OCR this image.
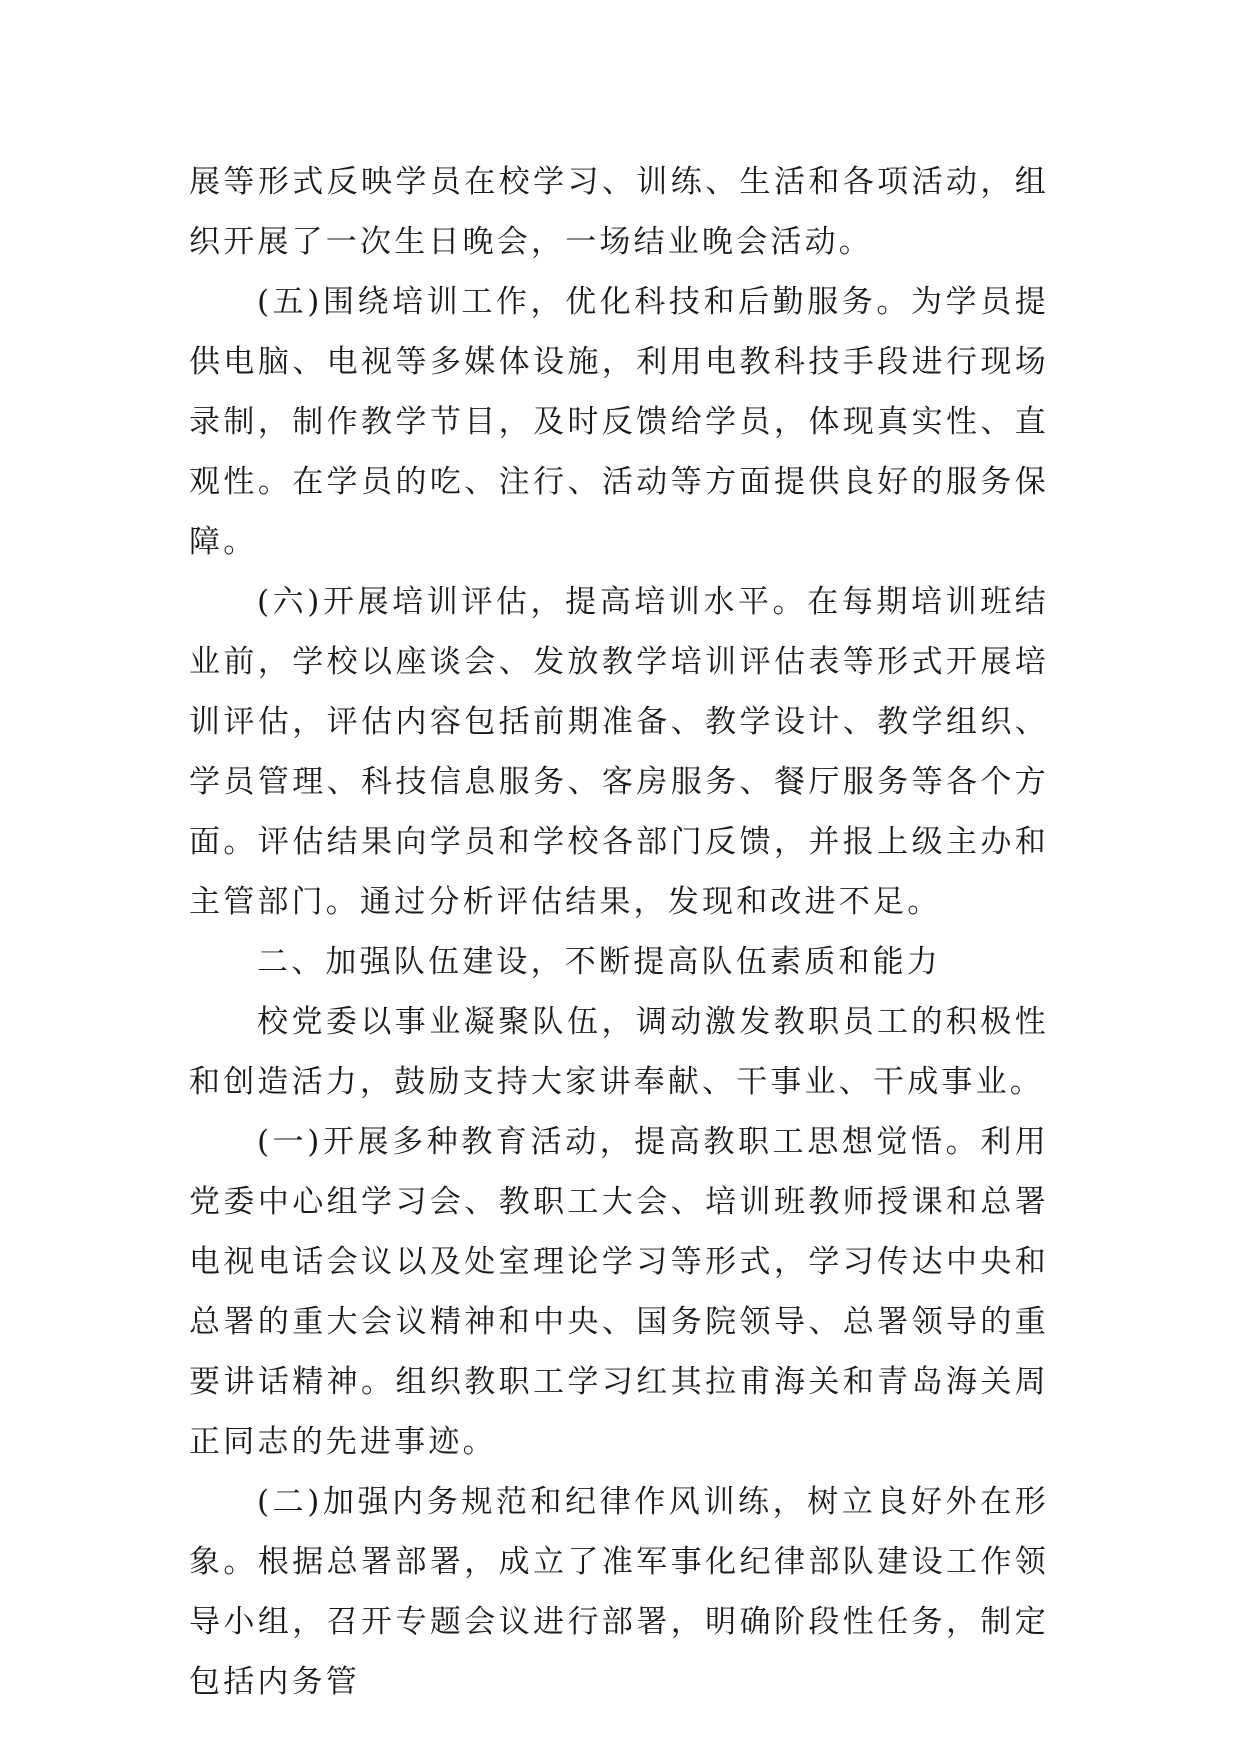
展等形式反映学员在校学习、训练、生活和各项活动，组织开展了一次生日晚会，一场结业晚会活动。

(五)围绕培训工作，优化科技和后勤服务。为学员提供电脑、电视等多媒体设施，利用电教科技手段进行现场录制，制作教学节目，及时反馈给学员，体现真实性、直观性。在学员的吃、注行、活动等方面提供良好的服务保障。

(六)开展培训评估，提高培训水平。在每期培训班结业前，学校以座谈会、发放教学培训评估表等形式开展培训评估，评估内容包括前期准备、教学设计、教学组织、学员管理、科技信息服务、客房服务、餐厅服务等各个方面。评估结果向学员和学校各部门反馈，并报上级主办和主管部门。通过分析评估结果，发现和改进不足。

二、加强队伍建设，不断提高队伍素质和能力

校党委以事业凝聚队伍，调动激发教职员工的积极性和创造活力，鼓励支持大家讲奉献、干事业、干成事业。

(一)开展多种教育活动，提高教职工思想觉悟。利用党委中心组学习会、教职工大会、培训班教师授课和总署电视电话会议以及处室理论学习等形式，学习传达中央和总署的重大会议精神和中央、国务院领导、总署领导的重要讲话精神。组织教职工学习红其拉甫海关和青岛海关周正同志的先进事迹。

(二)加强内务规范和纪律作风训练，树立良好外在形象。根据总署部署，成立了准军事化纪律部队建设工作领导小组，召开专题会议进行部署，明确阶段性任务，制定包括内务管
